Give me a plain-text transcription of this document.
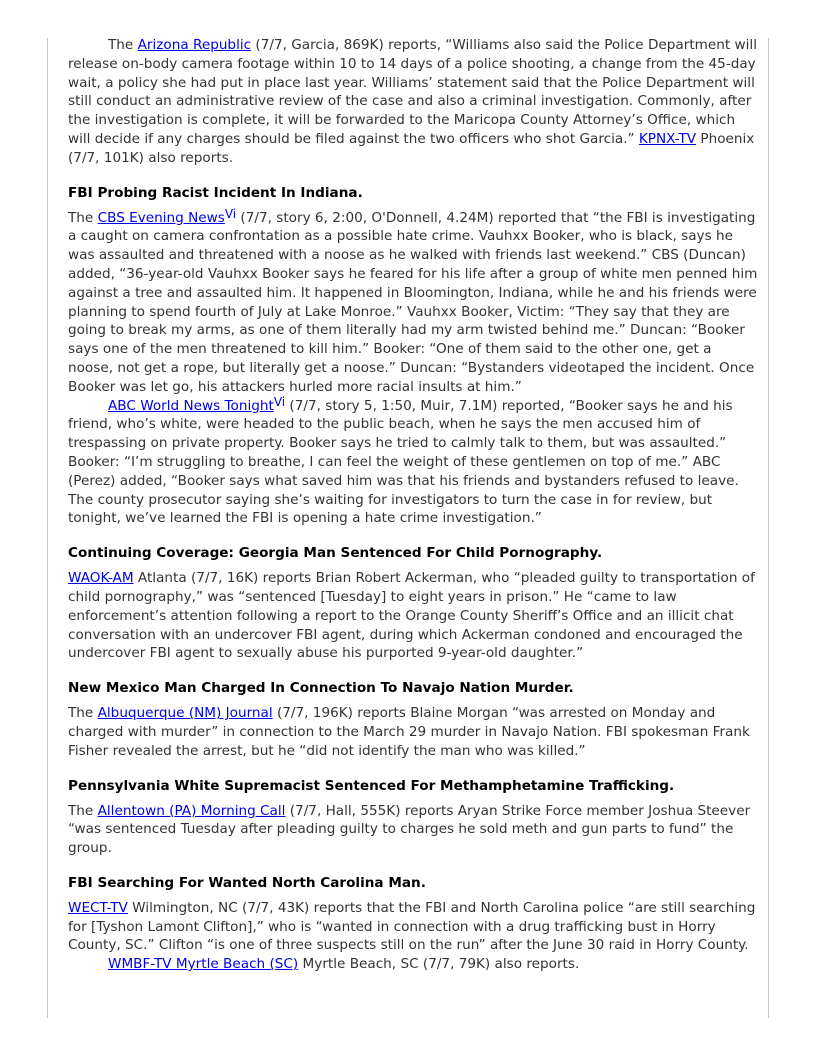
The Arizona Republic (7/7, Garcia, 869K) reports, “Williams also said the Police Department will release on-body camera footage within 10 to 14 days of a police shooting, a change from the 45-day wait, a policy she had put in place last year. Williams’ statement said that the Police Department will still conduct an administrative review of the case and also a criminal investigation. Commonly, after the investigation is complete, it will be forwarded to the Maricopa County Attorney’s Office, which will decide if any charges should be filed against the two officers who shot Garcia.” KPNX-TV Phoenix (7/7, 101K) also reports.

FBI Probing Racist Incident In Indiana.

The CBS Evening News$^{Vi}$ (7/7, story 6, 2:00, O'Donnell, 4.24M) reported that “the FBI is investigating a caught on camera confrontation as a possible hate crime. Vauhxx Booker, who is black, says he was assaulted and threatened with a noose as he walked with friends last weekend.” CBS (Duncan) added, “36-year-old Vauhxx Booker says he feared for his life after a group of white men penned him against a tree and assaulted him. It happened in Bloomington, Indiana, while he and his friends were planning to spend fourth of July at Lake Monroe.” Vauhxx Booker, Victim: “They say that they are going to break my arms, as one of them literally had my arm twisted behind me.” Duncan: “Booker says one of the men threatened to kill him.” Booker: “One of them said to the other one, get a noose, not get a rope, but literally get a noose.” Duncan: “Bystanders videotaped the incident. Once Booker was let go, his attackers hurled more racial insults at him.”

ABC World News Tonight$^{Vi}$ (7/7, story 5, 1:50, Muir, 7.1M) reported, “Booker says he and his friend, who’s white, were headed to the public beach, when he says the men accused him of trespassing on private property. Booker says he tried to calmly talk to them, but was assaulted.” Booker: “I’m struggling to breathe, I can feel the weight of these gentlemen on top of me.” ABC (Perez) added, “Booker says what saved him was that his friends and bystanders refused to leave. The county prosecutor saying she’s waiting for investigators to turn the case in for review, but tonight, we’ve learned the FBI is opening a hate crime investigation.”

Continuing Coverage: Georgia Man Sentenced For Child Pornography.

WAOK-AM Atlanta (7/7, 16K) reports Brian Robert Ackerman, who “pleaded guilty to transportation of child pornography,” was “sentenced [Tuesday] to eight years in prison.” He “came to law enforcement’s attention following a report to the Orange County Sheriff’s Office and an illicit chat conversation with an undercover FBI agent, during which Ackerman condoned and encouraged the undercover FBI agent to sexually abuse his purported 9-year-old daughter.”

New Mexico Man Charged In Connection To Navajo Nation Murder.

The Albuquerque (NM) Journal (7/7, 196K) reports Blaine Morgan “was arrested on Monday and charged with murder” in connection to the March 29 murder in Navajo Nation. FBI spokesman Frank Fisher revealed the arrest, but he “did not identify the man who was killed.”

Pennsylvania White Supremacist Sentenced For Methamphetamine Trafficking.

The Allentown (PA) Morning Call (7/7, Hall, 555K) reports Aryan Strike Force member Joshua Steever “was sentenced Tuesday after pleading guilty to charges he sold meth and gun parts to fund” the group.

FBI Searching For Wanted North Carolina Man.

WECT-TV Wilmington, NC (7/7, 43K) reports that the FBI and North Carolina police “are still searching for [Tyshon Lamont Clifton],” who is “wanted in connection with a drug trafficking bust in Horry County, SC.” Clifton “is one of three suspects still on the run” after the June 30 raid in Horry County.

WMBF-TV Myrtle Beach (SC) Myrtle Beach, SC (7/7, 79K) also reports.
